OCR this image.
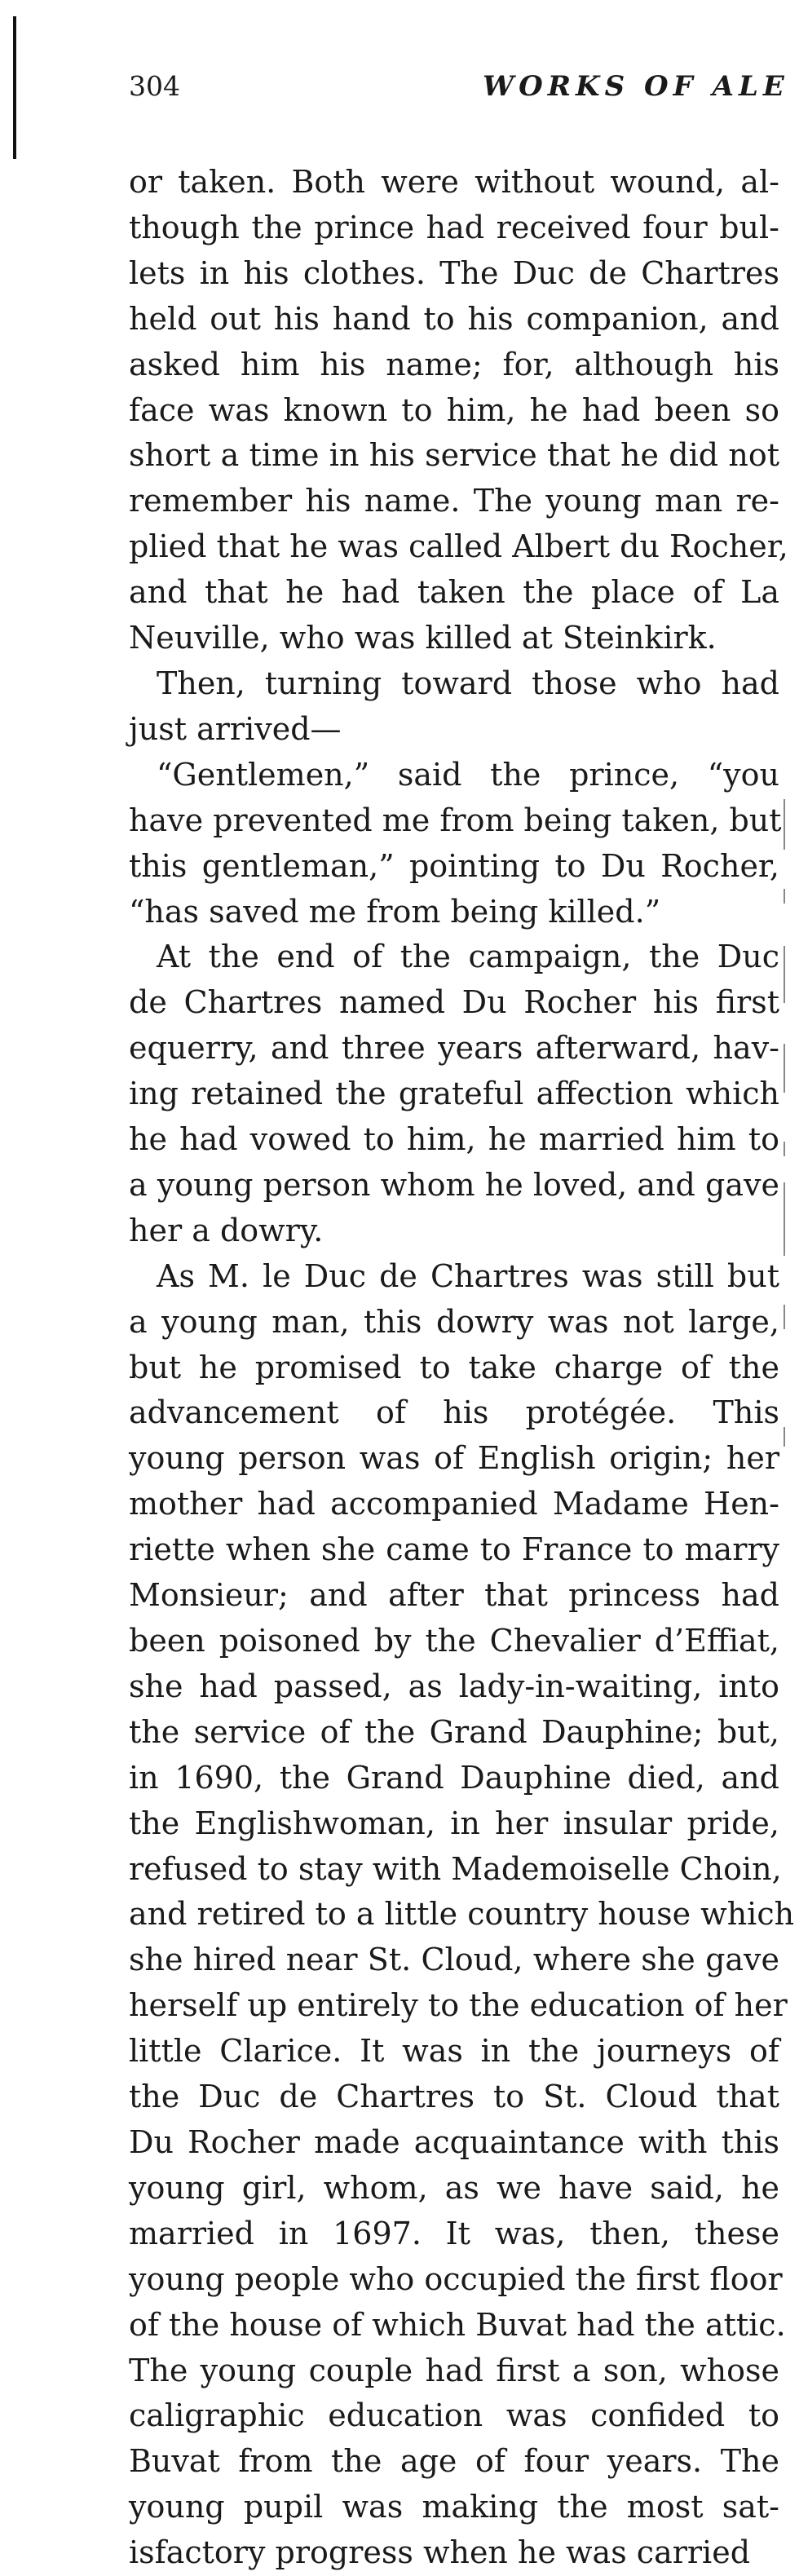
304	WORKS OF ALE

or taken. Both were without wound, al-
though the prince had received four bul-
lets in his clothes. The Duc de Chartres
held out his hand to his companion, and
asked him his name; for, although his
face was known to him, he had been so
short a time in his service that he did not
remember his name. The young man re-
plied that he was called Albert du Rocher,
and that he had taken the place of La
Neuville, who was killed at Steinkirk.

Then, turning toward those who had
just arrived—

“Gentlemen,” said the prince, “you
have prevented me from being taken, but
this gentleman,” pointing to Du Rocher,
“has saved me from being killed.”

At the end of the campaign, the Duc
de Chartres named Du Rocher his first
equerry, and three years afterward, hav-
ing retained the grateful affection which
he had vowed to him, he married him to
a young person whom he loved, and gave
her a dowry.

As M. le Duc de Chartres was still but
a young man, this dowry was not large,
but he promised to take charge of the
advancement of his protégée. This
young person was of English origin; her
mother had accompanied Madame Hen-
riette when she came to France to marry
Monsieur; and after that princess had
been poisoned by the Chevalier d’Effiat,
she had passed, as lady-in-waiting, into
the service of the Grand Dauphine; but,
in 1690, the Grand Dauphine died, and
the Englishwoman, in her insular pride,
refused to stay with Mademoiselle Choin,
and retired to a little country house which
she hired near St. Cloud, where she gave
herself up entirely to the education of her
little Clarice. It was in the journeys of
the Duc de Chartres to St. Cloud that
Du Rocher made acquaintance with this
young girl, whom, as we have said, he
married in 1697. It was, then, these
young people who occupied the first floor
of the house of which Buvat had the attic.
The young couple had first a son, whose
caligraphic education was confided to
Buvat from the age of four years. The
young pupil was making the most sat-
isfactory progress when he was carried
